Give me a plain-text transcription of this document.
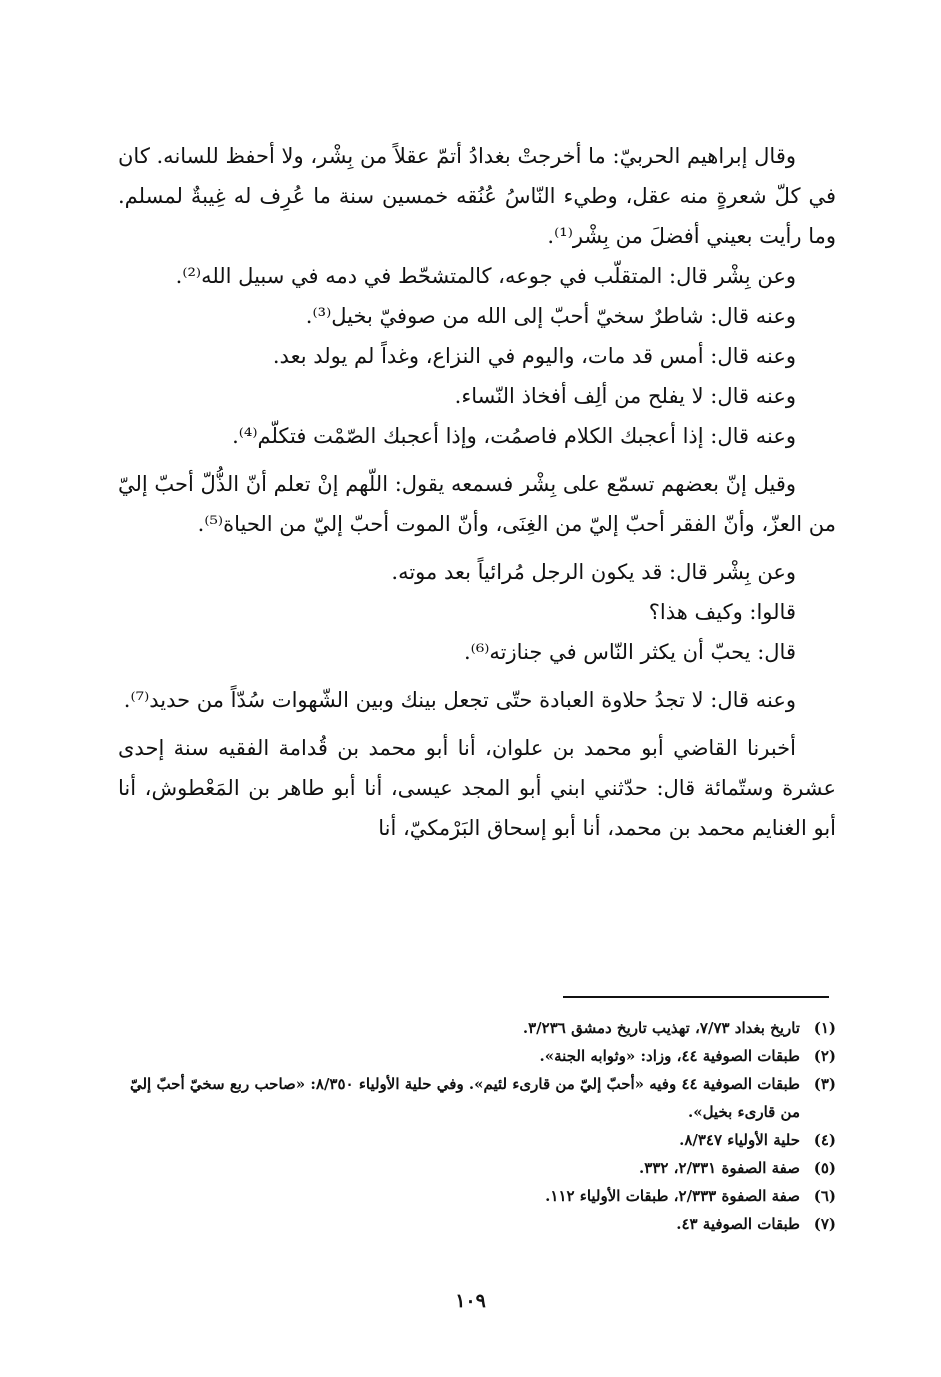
وقال إبراهيم الحربيّ: ما أخرجتْ بغدادُ أتمّ عقلاً من بِشْر، ولا أحفظ للسانه. كان في كلّ شعرةٍ منه عقل، وطيء النّاسُ عُنُقه خمسين سنة ما عُرِف له غِيبةٌ لمسلم. وما رأيت بعيني أفضلَ من بِشْر⁽¹⁾.

وعن بِشْر قال: المتقلّب في جوعه، كالمتشحّط في دمه في سبيل الله⁽²⁾.

وعنه قال: شاطرٌ سخيّ أحبّ إلى الله من صوفيّ بخيل⁽³⁾.

وعنه قال: أمس قد مات، واليوم في النزاع، وغداً لم يولد بعد.

وعنه قال: لا يفلح من ألِف أفخاذ النّساء.

وعنه قال: إذا أعجبك الكلام فاصمُت، وإذا أعجبك الصّمْت فتكلّم⁽⁴⁾.

وقيل إنّ بعضهم تسمّع على بِشْر فسمعه يقول: اللّهم إنْ تعلم أنّ الذُّلّ أحبّ إليّ من العزّ، وأنّ الفقر أحبّ إليّ من الغِنَى، وأنّ الموت أحبّ إليّ من الحياة⁽⁵⁾.

وعن بِشْر قال: قد يكون الرجل مُرائياً بعد موته.

قالوا: وكيف هذا؟

قال: يحبّ أن يكثر النّاس في جنازته⁽⁶⁾.

وعنه قال: لا تجدُ حلاوة العبادة حتّى تجعل بينك وبين الشّهوات سُدّاً من حديد⁽⁷⁾.

أخبرنا القاضي أبو محمد بن علوان، أنا أبو محمد بن قُدامة الفقيه سنة إحدى عشرة وستّمائة قال: حدّثني ابني أبو المجد عيسى، أنا أبو طاهر بن المَعْطوش، أنا أبو الغنايم محمد بن محمد، أنا أبو إسحاق البَرْمكيّ، أنا

(١)
تاريخ بغداد ٧/٧٣، تهذيب تاريخ دمشق ٣/٢٣٦.
(٢)
طبقات الصوفية ٤٤، وزاد: «وثوابه الجنة».
(٣)
طبقات الصوفية ٤٤ وفيه «أحبّ إليّ من قارىء لئيم». وفي حلية الأولياء ٨/٣٥٠: «صاحب ربع سخيّ أحبّ إليّ من قارىء بخيل».
(٤)
حلية الأولياء ٨/٣٤٧.
(٥)
صفة الصفوة ٢/٣٣١، ٣٣٢.
(٦)
صفة الصفوة ٢/٣٣٣، طبقات الأولياء ١١٢.
(٧)
طبقات الصوفية ٤٣.
١٠٩
